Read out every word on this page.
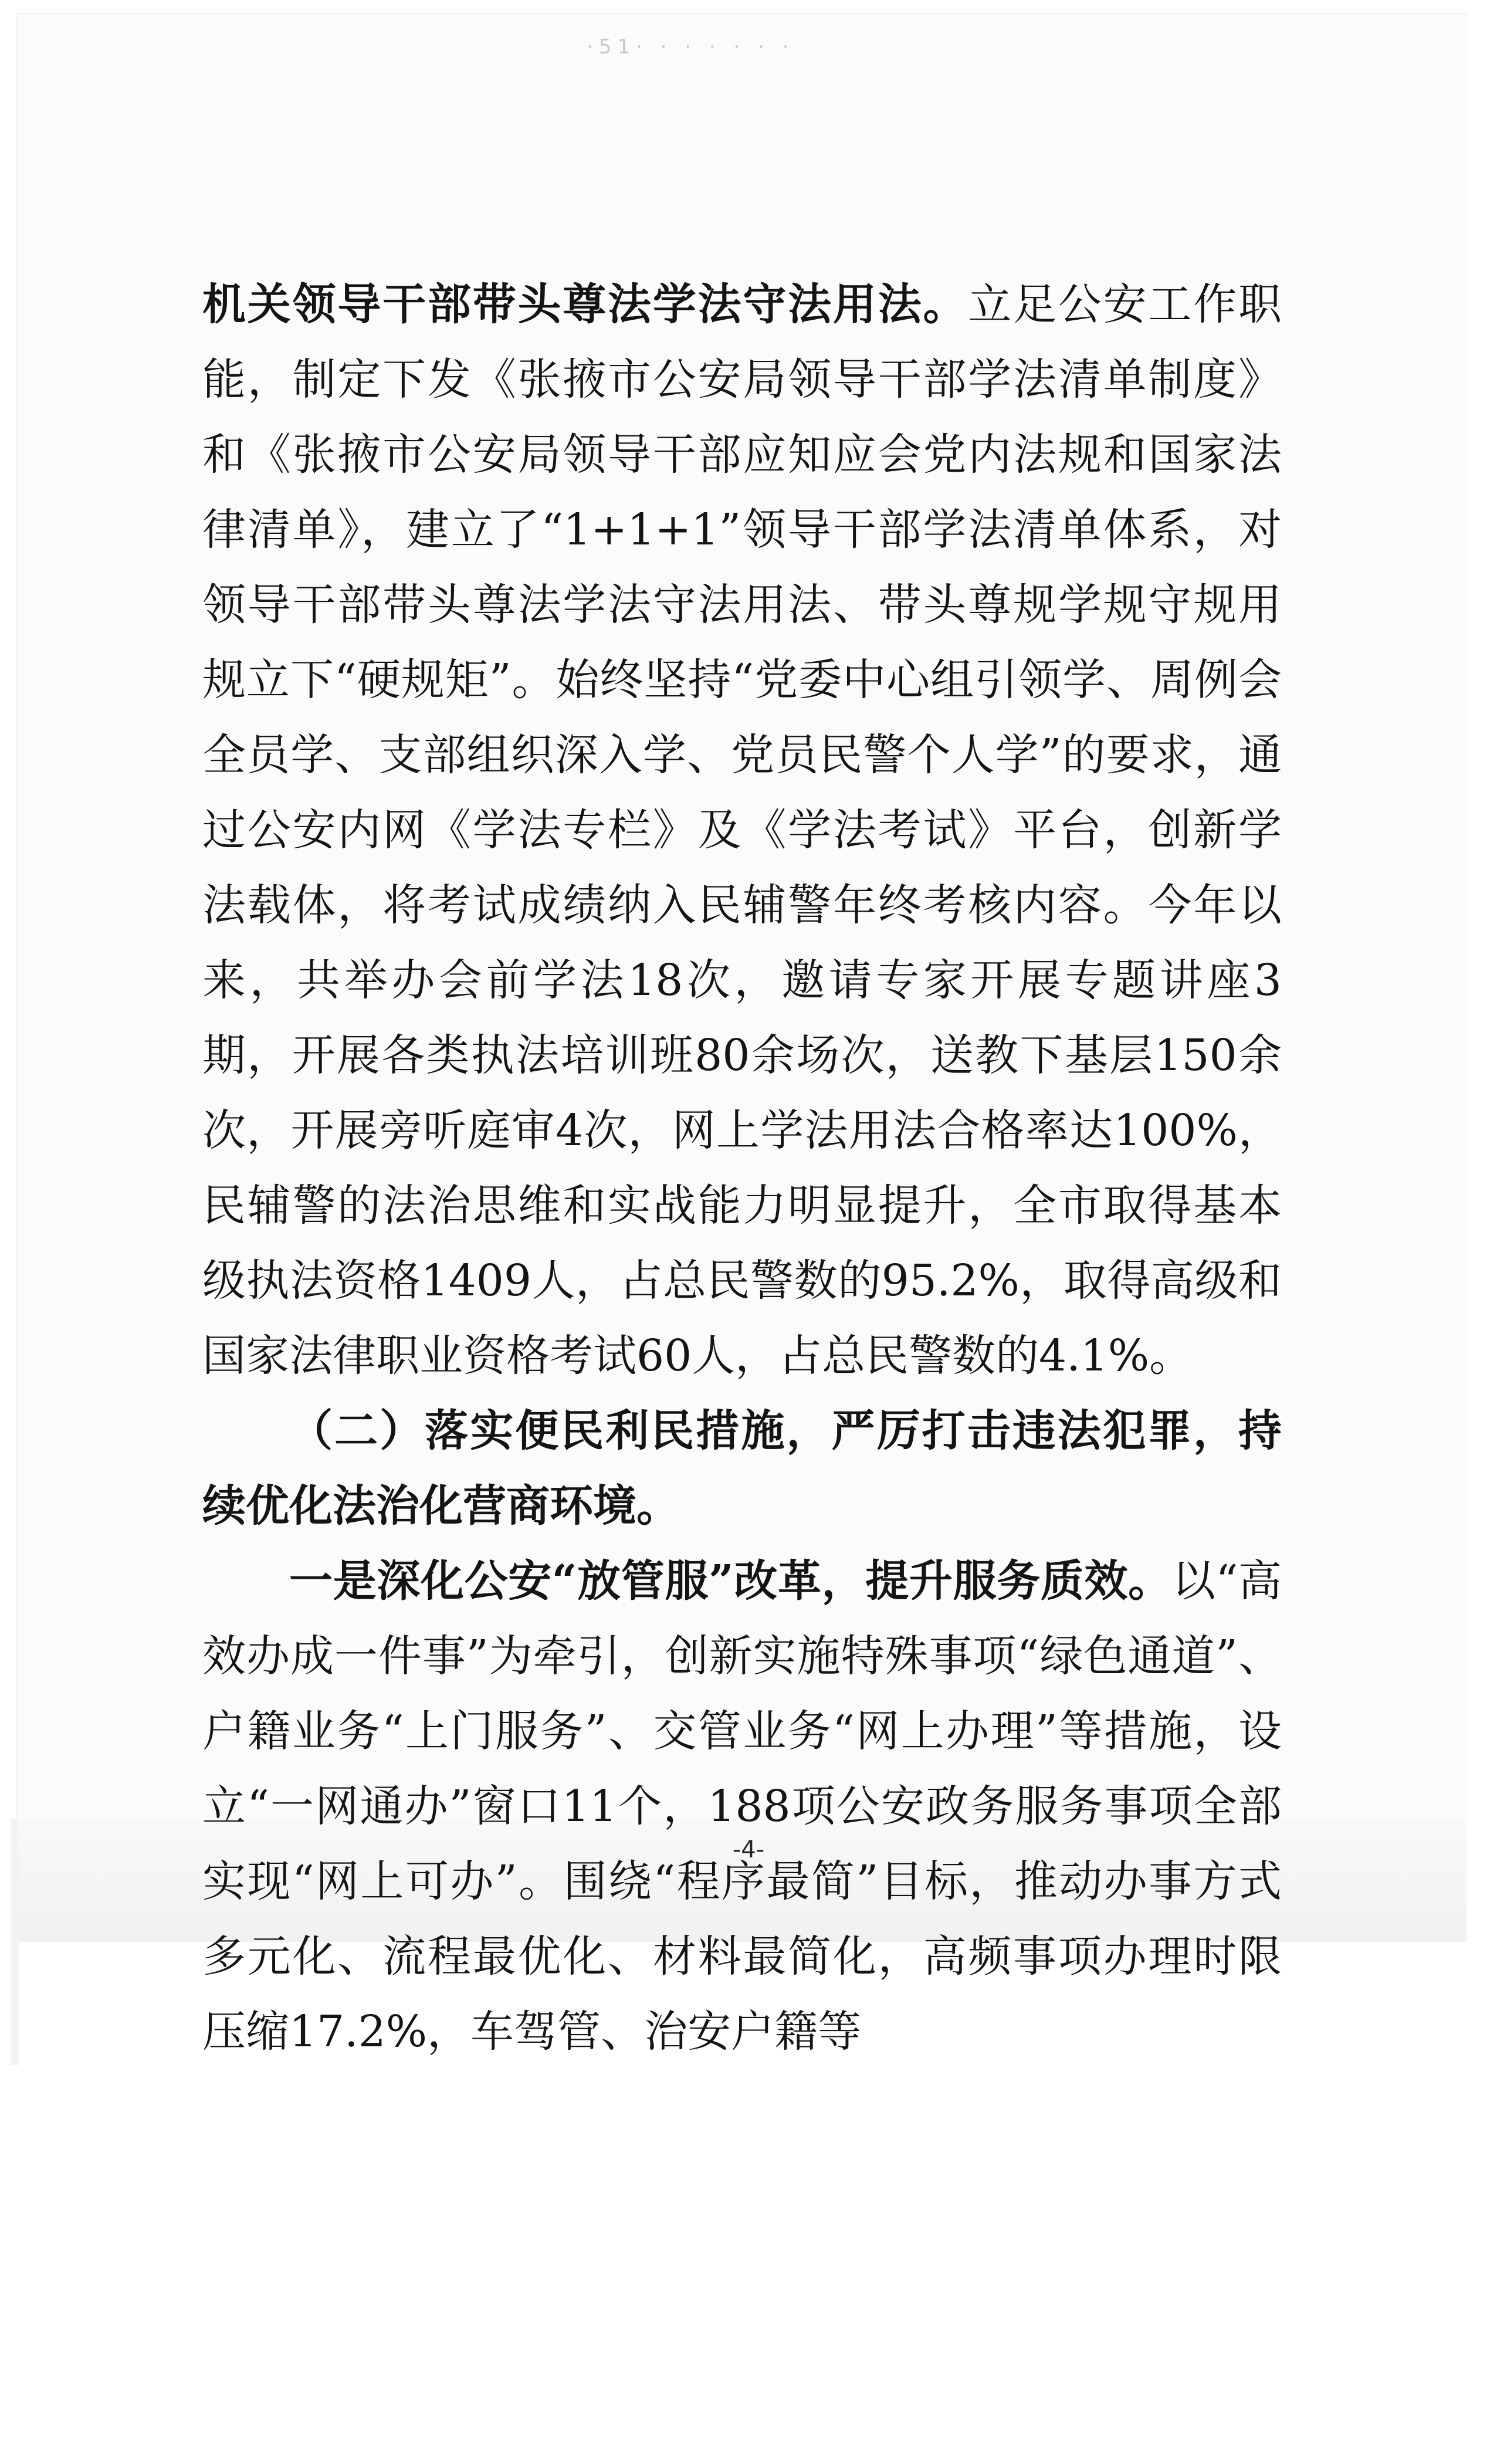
·51· · · · · · ·

机关领导干部带头尊法学法守法用法。立足公安工作职能，制定下发《张掖市公安局领导干部学法清单制度》和《张掖市公安局领导干部应知应会党内法规和国家法律清单》，建立了“1+1+1”领导干部学法清单体系，对领导干部带头尊法学法守法用法、带头尊规学规守规用规立下“硬规矩”。始终坚持“党委中心组引领学、周例会全员学、支部组织深入学、党员民警个人学”的要求，通过公安内网《学法专栏》及《学法考试》平台，创新学法载体，将考试成绩纳入民辅警年终考核内容。今年以来，共举办会前学法18次，邀请专家开展专题讲座3期，开展各类执法培训班80余场次，送教下基层150余次，开展旁听庭审4次，网上学法用法合格率达100%，民辅警的法治思维和实战能力明显提升，全市取得基本级执法资格1409人，占总民警数的95.2%，取得高级和国家法律职业资格考试60人，占总民警数的4.1%。

（二）落实便民利民措施，严厉打击违法犯罪，持续优化法治化营商环境。

一是深化公安“放管服”改革，提升服务质效。以“高效办成一件事”为牵引，创新实施特殊事项“绿色通道”、户籍业务“上门服务”、交管业务“网上办理”等措施，设立“一网通办”窗口11个，188项公安政务服务事项全部实现“网上可办”。围绕“程序最简”目标，推动办事方式多元化、流程最优化、材料最简化，高频事项办理时限压缩17.2%，车驾管、治安户籍等

-4-
